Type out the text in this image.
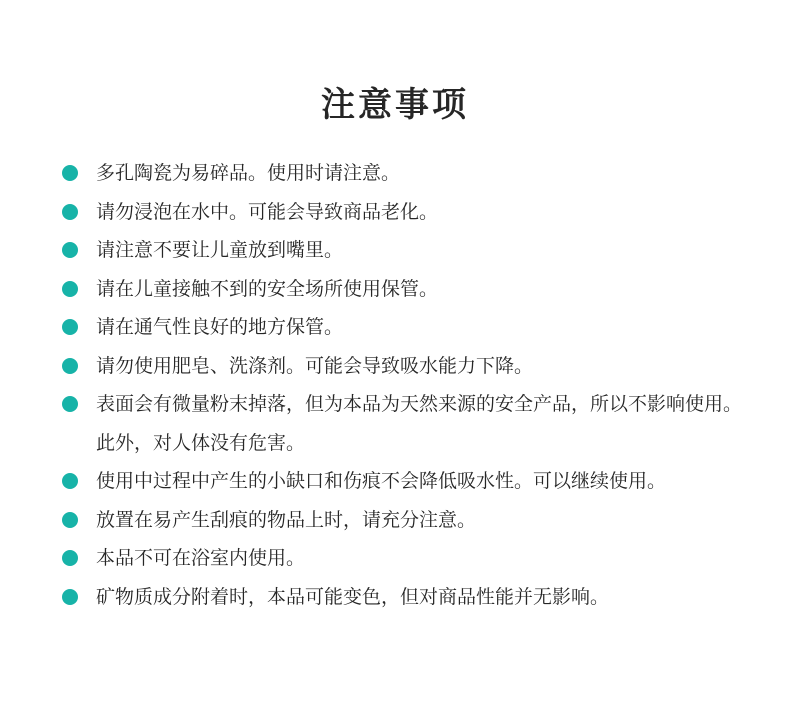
注意事项
多孔陶瓷为易碎品。使用时请注意。
请勿浸泡在水中。可能会导致商品老化。
请注意不要让儿童放到嘴里。
请在儿童接触不到的安全场所使用保管。
请在通气性良好的地方保管。
请勿使用肥皂、洗涤剂。可能会导致吸水能力下降。
表面会有微量粉末掉落，但为本品为天然来源的安全产品，所以不影响使用。此外，对人体没有危害。
使用中过程中产生的小缺口和伤痕不会降低吸水性。可以继续使用。
放置在易产生刮痕的物品上时，请充分注意。
本品不可在浴室内使用。
矿物质成分附着时，本品可能变色，但对商品性能并无影响。
